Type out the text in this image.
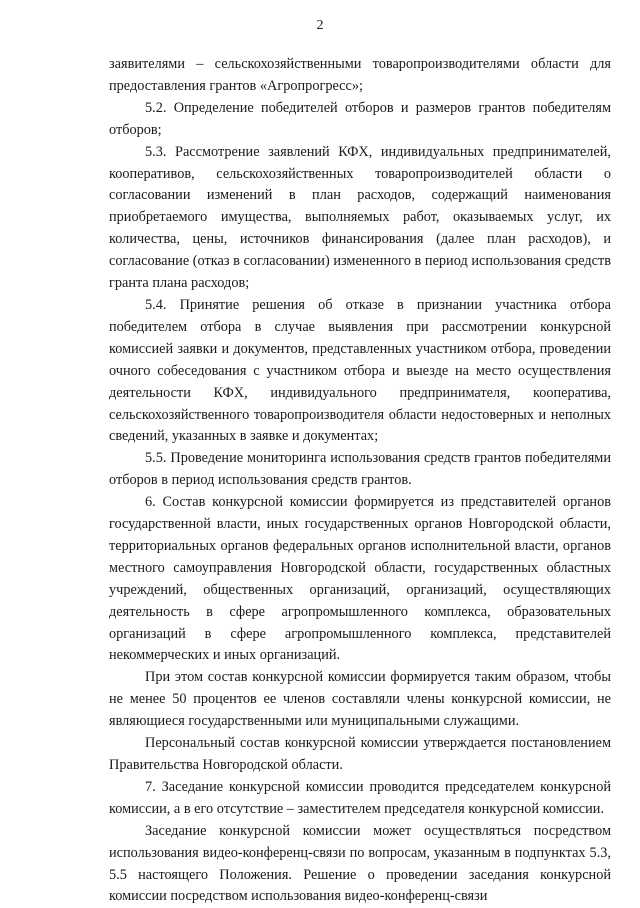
2

заявителями – сельскохозяйственными товаропроизводителями области для предоставления грантов «Агропрогресс»;

5.2. Определение победителей отборов и размеров грантов победителям отборов;

5.3. Рассмотрение заявлений КФХ, индивидуальных предпринимателей, кооперативов, сельскохозяйственных товаропроизводителей области о согласовании изменений в план расходов, содержащий наименования приобретаемого имущества, выполняемых работ, оказываемых услуг, их количества, цены, источников финансирования (далее план расходов), и согласование (отказ в согласовании) измененного в период использования средств гранта плана расходов;

5.4. Принятие решения об отказе в признании участника отбора победителем отбора в случае выявления при рассмотрении конкурсной комиссией заявки и документов, представленных участником отбора, проведении очного собеседования с участником отбора и выезде на место осуществления деятельности КФХ, индивидуального предпринимателя, кооператива, сельскохозяйственного товаропроизводителя области недостоверных и неполных сведений, указанных в заявке и документах;

5.5. Проведение мониторинга использования средств грантов победителями отборов в период использования средств грантов.

6. Состав конкурсной комиссии формируется из представителей органов государственной власти, иных государственных органов Новгородской области, территориальных органов федеральных органов исполнительной власти, органов местного самоуправления Новгородской области, государственных областных учреждений, общественных организаций, организаций, осуществляющих деятельность в сфере агропромышленного комплекса, образовательных организаций в сфере агропромышленного комплекса, представителей некоммерческих и иных организаций.

При этом состав конкурсной комиссии формируется таким образом, чтобы не менее 50 процентов ее членов составляли члены конкурсной комиссии, не являющиеся государственными или муниципальными служащими.

Персональный состав конкурсной комиссии утверждается постановлением Правительства Новгородской области.

7. Заседание конкурсной комиссии проводится председателем конкурсной комиссии, а в его отсутствие – заместителем председателя конкурсной комиссии.

Заседание конкурсной комиссии может осуществляться посредством использования видео-конференц-связи по вопросам, указанным в подпунктах 5.3, 5.5 настоящего Положения. Решение о проведении заседания конкурсной комиссии посредством использования видео-конференц-связи
